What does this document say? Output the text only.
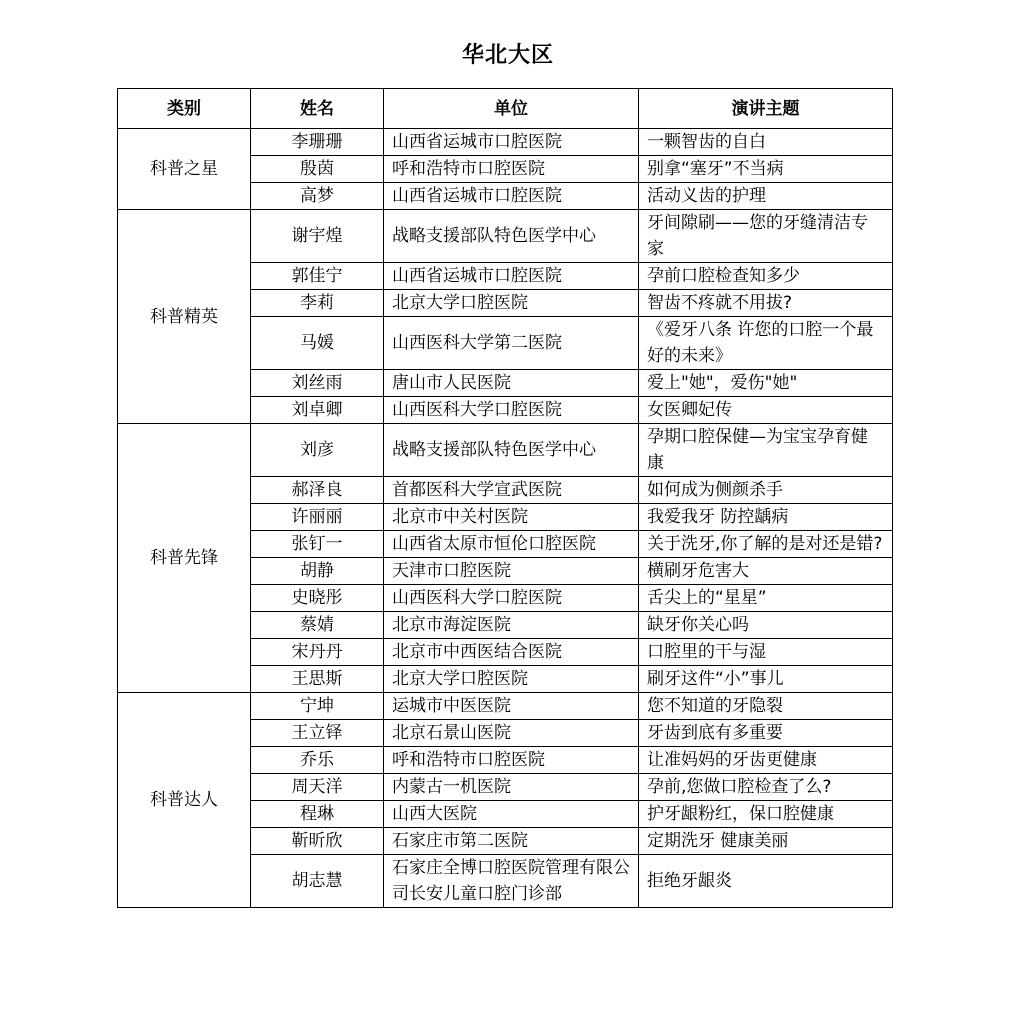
华北大区
类别	姓名	单位	演讲主题
科普之星	李珊珊	山西省运城市口腔医院	一颗智齿的自白
	殷茵	呼和浩特市口腔医院	别拿“塞牙”不当病
	高梦	山西省运城市口腔医院	活动义齿的护理
科普精英	谢宇煌	战略支援部队特色医学中心	牙间隙刷——您的牙缝清洁专家
	郭佳宁	山西省运城市口腔医院	孕前口腔检查知多少
	李莉	北京大学口腔医院	智齿不疼就不用拔?
	马媛	山西医科大学第二医院	《爱牙八条 许您的口腔一个最好的未来》
	刘丝雨	唐山市人民医院	爱上"她"，爱伤"她"
	刘卓卿	山西医科大学口腔医院	女医卿妃传
科普先锋	刘彦	战略支援部队特色医学中心	孕期口腔保健—为宝宝孕育健康
	郝泽良	首都医科大学宣武医院	如何成为侧颜杀手
	许丽丽	北京市中关村医院	我爱我牙 防控龋病
	张钉一	山西省太原市恒伦口腔医院	关于洗牙,你了解的是对还是错?
	胡静	天津市口腔医院	横刷牙危害大
	史晓彤	山西医科大学口腔医院	舌尖上的“星星”
	蔡婧	北京市海淀医院	缺牙你关心吗
	宋丹丹	北京市中西医结合医院	口腔里的干与湿
	王思斯	北京大学口腔医院	刷牙这件“小”事儿
科普达人	宁坤	运城市中医医院	您不知道的牙隐裂
	王立铎	北京石景山医院	牙齿到底有多重要
	乔乐	呼和浩特市口腔医院	让准妈妈的牙齿更健康
	周天洋	内蒙古一机医院	孕前,您做口腔检查了么?
	程琳	山西大医院	护牙龈粉红，保口腔健康
	靳昕欣	石家庄市第二医院	定期洗牙 健康美丽
	胡志慧	石家庄全博口腔医院管理有限公司长安儿童口腔门诊部	拒绝牙龈炎
